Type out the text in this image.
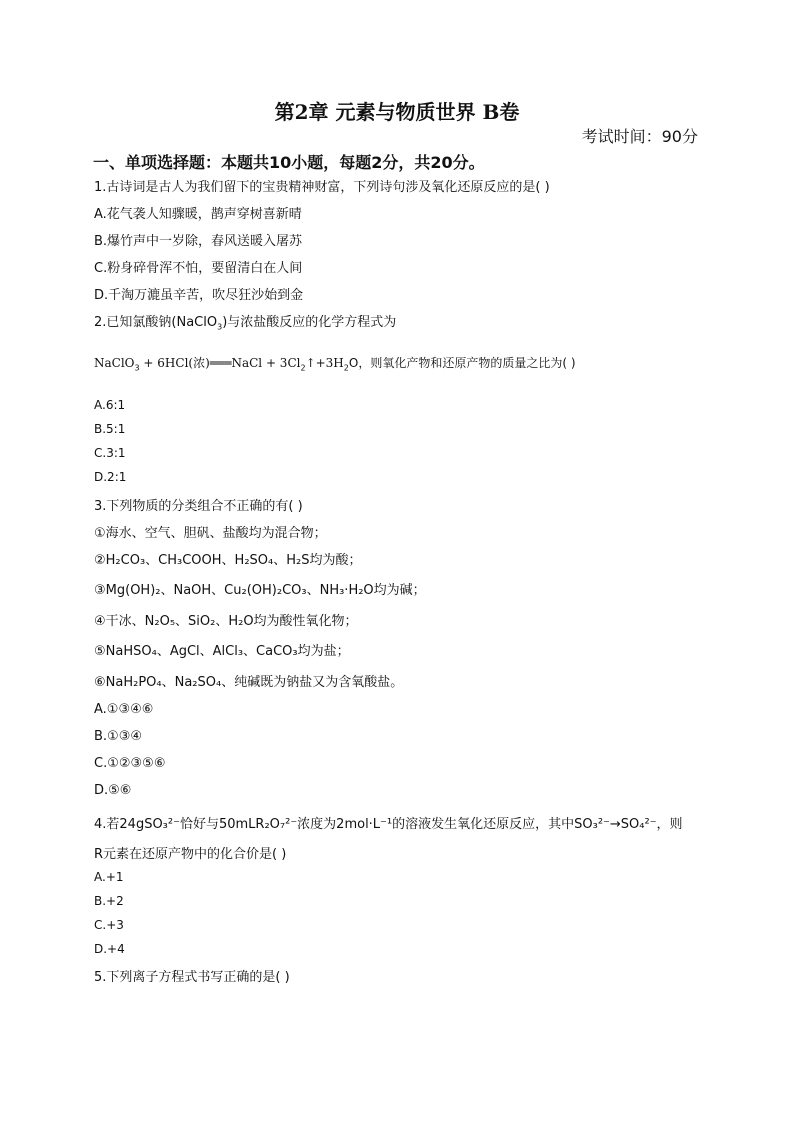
第2章 元素与物质世界 B卷
考试时间：90分
一、单项选择题：本题共10小题，每题2分，共20分。
1.古诗词是古人为我们留下的宝贵精神财富，下列诗句涉及氧化还原反应的是( )
A.花气袭人知骤暖，鹊声穿树喜新晴
B.爆竹声中一岁除，春风送暖入屠苏
C.粉身碎骨浑不怕，要留清白在人间
D.千淘万漉虽辛苦，吹尽狂沙始到金
2.已知氯酸钠(NaClO$_3$)与浓盐酸反应的化学方程式为
NaClO$_3$ + 6HCl(浓)═══NaCl + $3Cl_2↑+3H_2O$，则氧化产物和还原产物的质量之比为( )
A.6:1
B.5:1
C.3:1
D.2:1
3.下列物质的分类组合不正确的有( )
①海水、空气、胆矾、盐酸均为混合物；
②H₂CO₃、CH₃COOH、H₂SO₄、H₂S均为酸；
③Mg(OH)₂、NaOH、Cu₂(OH)₂CO₃、NH₃·H₂O均为碱；
④干冰、N₂O₅、SiO₂、H₂O均为酸性氧化物；
⑤NaHSO₄、AgCl、AlCl₃、CaCO₃均为盐；
⑥NaH₂PO₄、Na₂SO₄、纯碱既为钠盐又为含氧酸盐。
A.①③④⑥
B.①③④
C.①②③⑤⑥
D.⑤⑥
4.若24gSO₃²⁻恰好与50mLR₂O₇²⁻浓度为2mol·L⁻¹的溶液发生氧化还原反应，其中SO₃²⁻→SO₄²⁻，则
R元素在还原产物中的化合价是( )
A.+1
B.+2
C.+3
D.+4
5.下列离子方程式书写正确的是( )
